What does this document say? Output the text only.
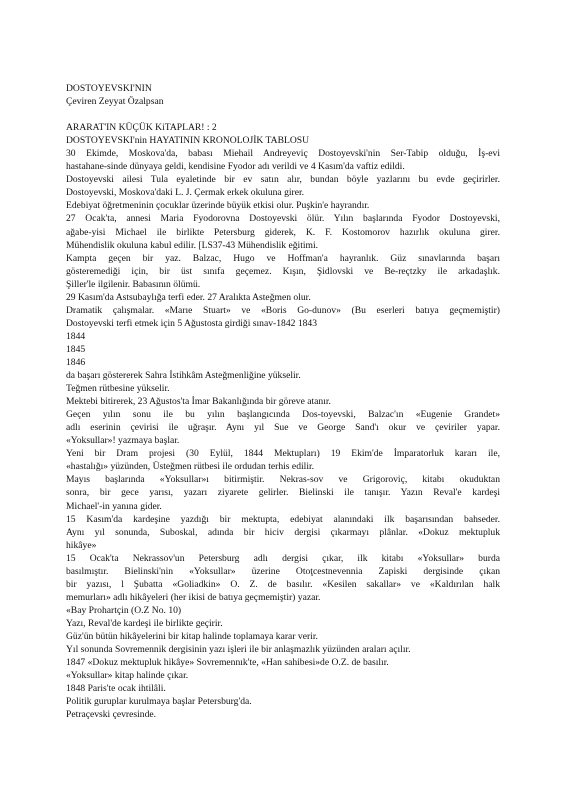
DOSTOYEVSKI'NIN
Çeviren Zeyyat Özalpsan
ARARAT'IN KÜÇÜK KiTAPLAR! : 2
DOSTOYEVSKI'nin HAYATININ KRONOLOJİK TABLOSU
30 Ekimde, Moskova'da, babası Miehail Andreyeviç Dostoyevski'nin Ser-Tabip olduğu, İş-evi
hastahane-sinde dünyaya geldi, kendisine Fyodor adı verildi ve 4 Kasım'da vaftiz edildi.
Dostoyevski ailesi Tula eyaletinde bir ev satın alır, bundan böyle yazlarını bu evde geçirirler.
Dostoyevski, Moskova'daki L. J. Çermak erkek okuluna girer.
Edebiyat öğretmeninin çocuklar üzerinde büyük etkisi olur. Puşkin'e hayrandır.
27 Ocak'ta, annesi Maria Fyodorovna Dostoyevski ölür. Yılın başlarında Fyodor Dostoyevski,
ağabe-yisi Michael ile birlikte Petersburg giderek, K. F. Kostomorov hazırlık okuluna girer.
Mühendislik okuluna kabul edilir. [LS37-43 Mühendislik eğitimi.
Kampta geçen bir yaz. Balzac, Hugo ve Hoffman'a hayranlık. Güz sınavlarında başarı
gösteremediği için, bir üst sınıfa geçemez. Kışın, Şidlovski ve Be-reçtzky ile arkadaşlık.
Şiller'le ilgilenir. Babasının ölümü.
29 Kasım'da Astsubaylığa terfi eder. 27 Aralıkta Asteğmen olur.
Dramatik çalışmalar. «Marıe Stuart» ve «Boris Go-dunov» (Bu eserleri batıya geçmemiştir)
Dostoyevski terfi etmek için 5 Ağustosta girdiği sınav-1842 1843
1844
1845
1846
da başarı göstererek Sahra İstihkâm Asteğmenliğine yükselir.
Teğmen rütbesine yükselir.
Mektebi bitirerek, 23 Ağustos'ta İmar Bakanlığında bir göreve atanır.
Geçen yılın sonu ile bu yılın başlangıcında Dos-toyevski, Balzac'ın «Eugenie Grandet»
adlı eserinin çevirisi ile uğraşır. Aynı yıl Sue ve George Sand'ı okur ve çeviriler yapar.
«Yoksullar»! yazmaya başlar.
Yeni bir Dram projesi (30 Eylül, 1844 Mektupları) 19 Ekim'de İmparatorluk kararı ile,
«hastalığı» yüzünden, Üsteğmen rütbesi ile ordudan terhis edilir.
Mayıs başlarında «Yoksullar»ı bitirmiştir. Nekras-sov ve Grigoroviç, kitabı okuduktan
sonra, bir gece yarısı, yazarı ziyarete gelirler. Bielinski ile tanışır. Yazın Reval'e kardeşi
Michael'-in yanına gider.
15 Kasım'da kardeşine yazdığı bir mektupta, edebiyat alanındaki ilk başarısından bahseder.
Aynı yıl sonunda, Suboskal, adında bir hiciv dergisi çıkarmayı plânlar. «Dokuz mektupluk
hikâye»
15 Ocak'ta Nekrassov'un Petersburg adlı dergisi çıkar, ilk kitabı «Yoksullar» burda
basılmıştır. Bielinski'nin «Yoksullar» üzerine Otoţcestnevennia Zapiski dergisinde çıkan
bir yazısı, l Şubatta «Goliadkin» O. Z. de basılır. «Kesilen sakallar» ve «Kaldırılan halk
memurları» adlı hikâyeleri (her ikisi de batıya geçmemiştir) yazar.
«Bay Prohartçin (O.Z No. 10)
Yazı, Reval'de kardeşi ile birlikte geçirir.
Güz'ün bütün hikâyelerini bir kitap halinde toplamaya karar verir.
Yıl sonunda Sovremennik dergisinin yazı işleri ile bir anlaşmazlık yüzünden araları açılır.
1847 «Dokuz mektupluk hikâye» Sovremennık'te, «Han sahibesi»de O.Z. de basılır.
«Yoksullar» kitap halinde çıkar.
1848 Paris'te ocak ihtilâli.
Politik guruplar kurulmaya başlar Petersburg'da.
Petraçevski çevresinde.
